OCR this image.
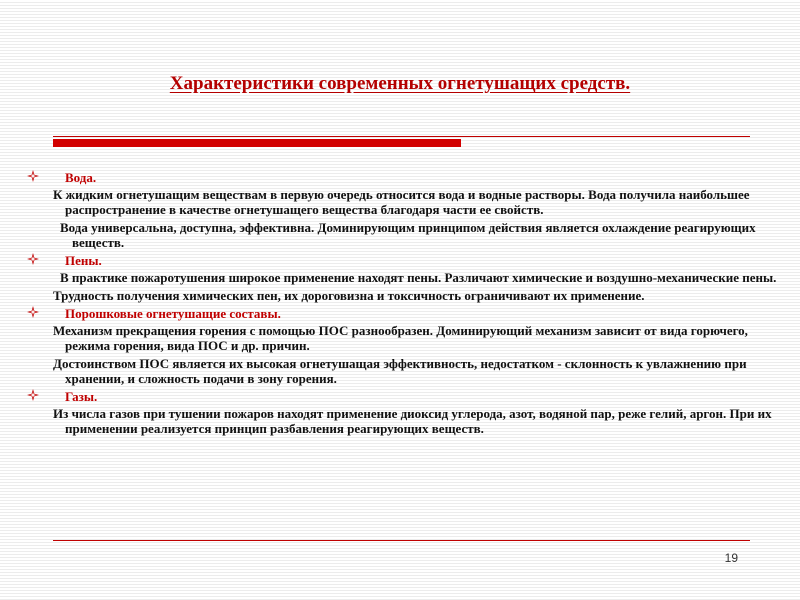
Характеристики современных огнетушащих средств.
Вода.
К жидким огнетушащим веществам в первую очередь относится вода и водные растворы. Вода получила наибольшее распространение в качестве огнетушащего вещества благодаря части ее свойств.
Вода универсальна, доступна, эффективна. Доминирующим принципом действия является охлаждение реагирующих веществ.
Пены.
В практике пожаротушения широкое применение находят пены. Различают химические и воздушно-механические пены.
Трудность получения химических пен, их дороговизна и токсичность ограничивают их применение.
Порошковые огнетушащие составы.
Механизм прекращения горения с помощью ПОС разнообразен. Доминирующий механизм зависит от вида горючего, режима горения, вида ПОС и др. причин.
Достоинством ПОС является их высокая огнетушащая эффективность, недостатком - склонность к увлажнению при хранении, и сложность подачи в зону горения.
Газы.
Из числа газов при тушении пожаров находят применение диоксид углерода, азот, водяной пар, реже гелий, аргон. При их применении реализуется принцип разбавления реагирующих веществ.
19
